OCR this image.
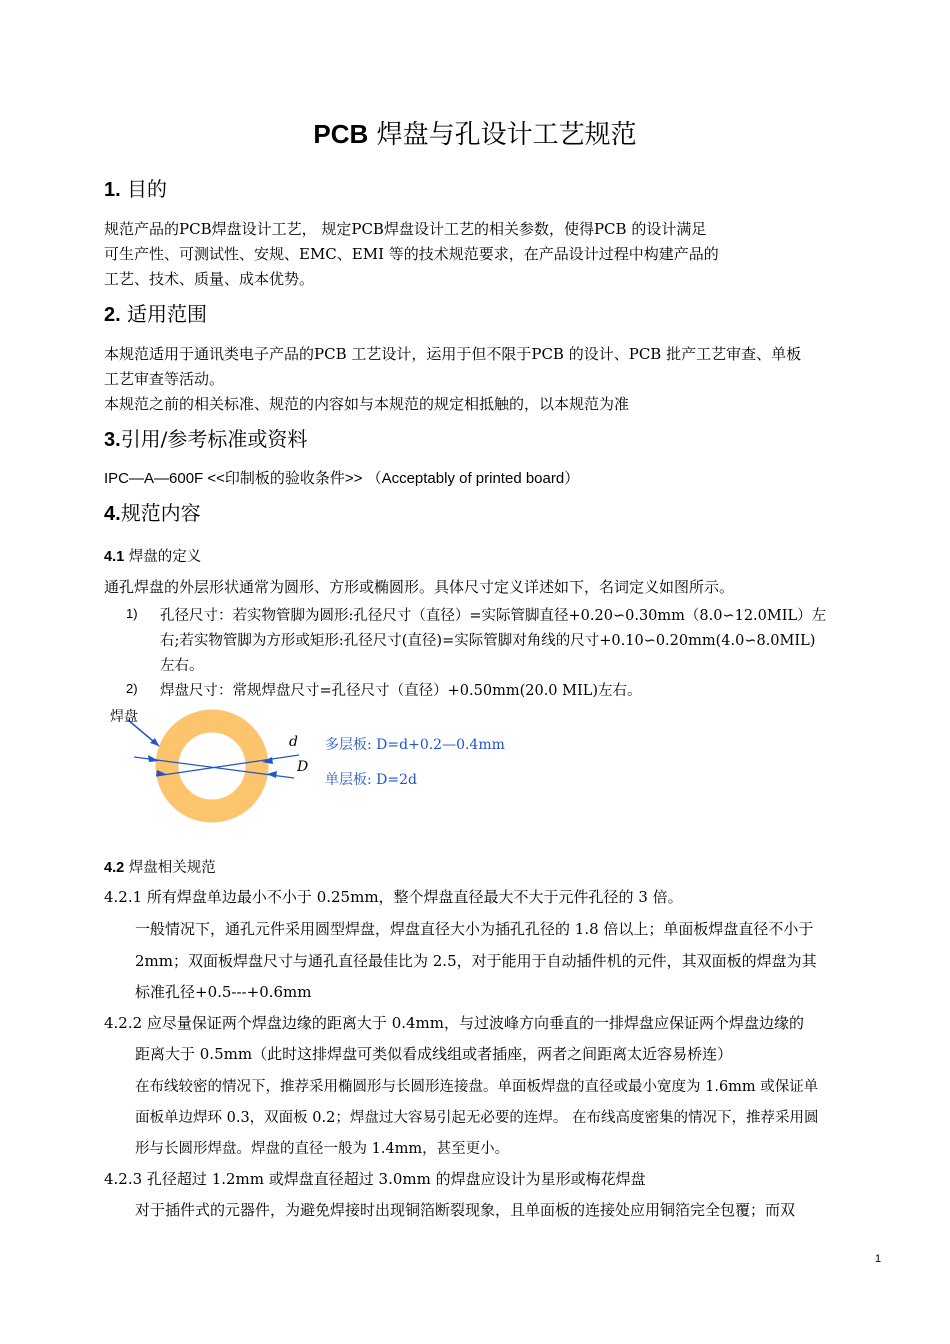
PCB 焊盘与孔设计工艺规范
1. 目的
规范产品的PCB焊盘设计工艺， 规定PCB焊盘设计工艺的相关参数，使得PCB 的设计满足
可生产性、可测试性、安规、EMC、EMI 等的技术规范要求，在产品设计过程中构建产品的
工艺、技术、质量、成本优势。
2. 适用范围
本规范适用于通讯类电子产品的PCB 工艺设计，运用于但不限于PCB 的设计、PCB 批产工艺审查、单板
工艺审查等活动。
本规范之前的相关标准、规范的内容如与本规范的规定相抵触的，以本规范为准
3.引用/参考标准或资料
IPC—A—600F <<印制板的验收条件>> （Acceptably of printed board）
4.规范内容
4.1 焊盘的定义
通孔焊盘的外层形状通常为圆形、方形或椭圆形。具体尺寸定义详述如下，名词定义如图所示。
1) 孔径尺寸：若实物管脚为圆形:孔径尺寸（直径）=实际管脚直径+0.20∽0.30mm（8.0∽12.0MIL）左
右;若实物管脚为方形或矩形:孔径尺寸(直径)=实际管脚对角线的尺寸+0.10∽0.20mm(4.0∽8.0MIL)
左右。
2) 焊盘尺寸：常规焊盘尺寸=孔径尺寸（直径）+0.50mm(20.0 MIL)左右。
焊盘
d
D
多层板: D=d+0.2—0.4mm
单层板: D=2d
4.2 焊盘相关规范
4.2.1 所有焊盘单边最小不小于 0.25mm，整个焊盘直径最大不大于元件孔径的 3 倍。
一般情况下，通孔元件采用圆型焊盘，焊盘直径大小为插孔孔径的 1.8 倍以上；单面板焊盘直径不小于
2mm；双面板焊盘尺寸与通孔直径最佳比为 2.5，对于能用于自动插件机的元件，其双面板的焊盘为其
标准孔径+0.5---+0.6mm
4.2.2 应尽量保证两个焊盘边缘的距离大于 0.4mm，与过波峰方向垂直的一排焊盘应保证两个焊盘边缘的
距离大于 0.5mm（此时这排焊盘可类似看成线组或者插座，两者之间距离太近容易桥连）
在布线较密的情况下，推荐采用椭圆形与长圆形连接盘。单面板焊盘的直径或最小宽度为 1.6mm 或保证单
面板单边焊环 0.3，双面板 0.2；焊盘过大容易引起无必要的连焊。 在布线高度密集的情况下，推荐采用圆
形与长圆形焊盘。焊盘的直径一般为 1.4mm，甚至更小。
4.2.3 孔径超过 1.2mm 或焊盘直径超过 3.0mm 的焊盘应设计为星形或梅花焊盘
对于插件式的元器件，为避免焊接时出现铜箔断裂现象，且单面板的连接处应用铜箔完全包覆；而双
1
